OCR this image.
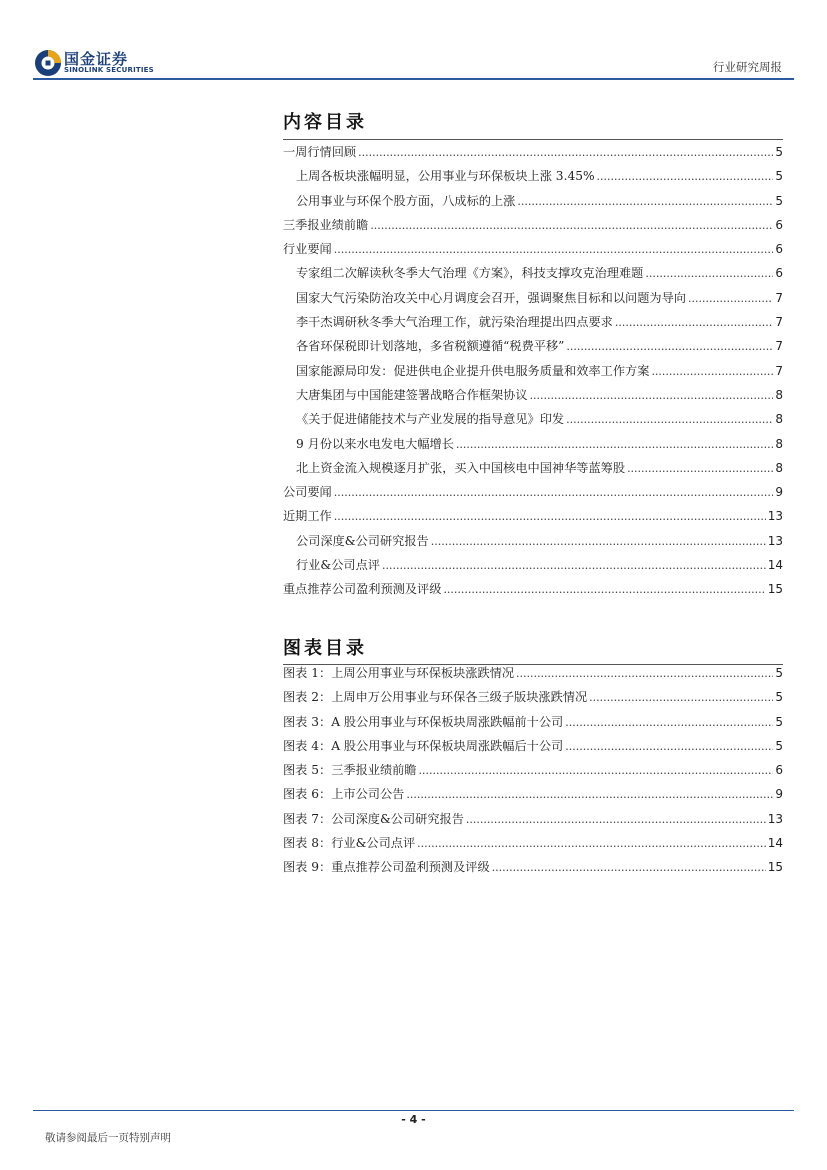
国金证券
SINOLINK SECURITIES	行业研究周报
内容目录
一周行情回顾 .....	5
上周各板块涨幅明显，公用事业与环保板块上涨 3.45% .....	5
公用事业与环保个股方面，八成标的上涨 .....	5
三季报业绩前瞻 .....	6
行业要闻 .....	6
专家组二次解读秋冬季大气治理《方案》，科技支撑攻克治理难题 .....	6
国家大气污染防治攻关中心月调度会召开，强调聚焦目标和以问题为导向 .....	7
李干杰调研秋冬季大气治理工作，就污染治理提出四点要求 .....	7
各省环保税即计划落地，多省税额遵循“税费平移” .....	7
国家能源局印发：促进供电企业提升供电服务质量和效率工作方案 .....	7
大唐集团与中国能建签署战略合作框架协议 .....	8
《关于促进储能技术与产业发展的指导意见》印发 .....	8
9 月份以来水电发电大幅增长 .....	8
北上资金流入规模逐月扩张，买入中国核电中国神华等蓝筹股 .....	8
公司要闻 .....	9
近期工作 .....	13
公司深度&公司研究报告 .....	13
行业&公司点评 .....	14
重点推荐公司盈利预测及评级 .....	15
图表目录
图表 1：上周公用事业与环保板块涨跌情况 .....	5
图表 2：上周申万公用事业与环保各三级子版块涨跌情况 .....	5
图表 3：A 股公用事业与环保板块周涨跌幅前十公司 .....	5
图表 4：A 股公用事业与环保板块周涨跌幅后十公司 .....	5
图表 5：三季报业绩前瞻 .....	6
图表 6：上市公司公告 .....	9
图表 7：公司深度&公司研究报告 .....	13
图表 8：行业&公司点评 .....	14
图表 9：重点推荐公司盈利预测及评级 .....	15
- 4 -
敬请参阅最后一页特别声明
